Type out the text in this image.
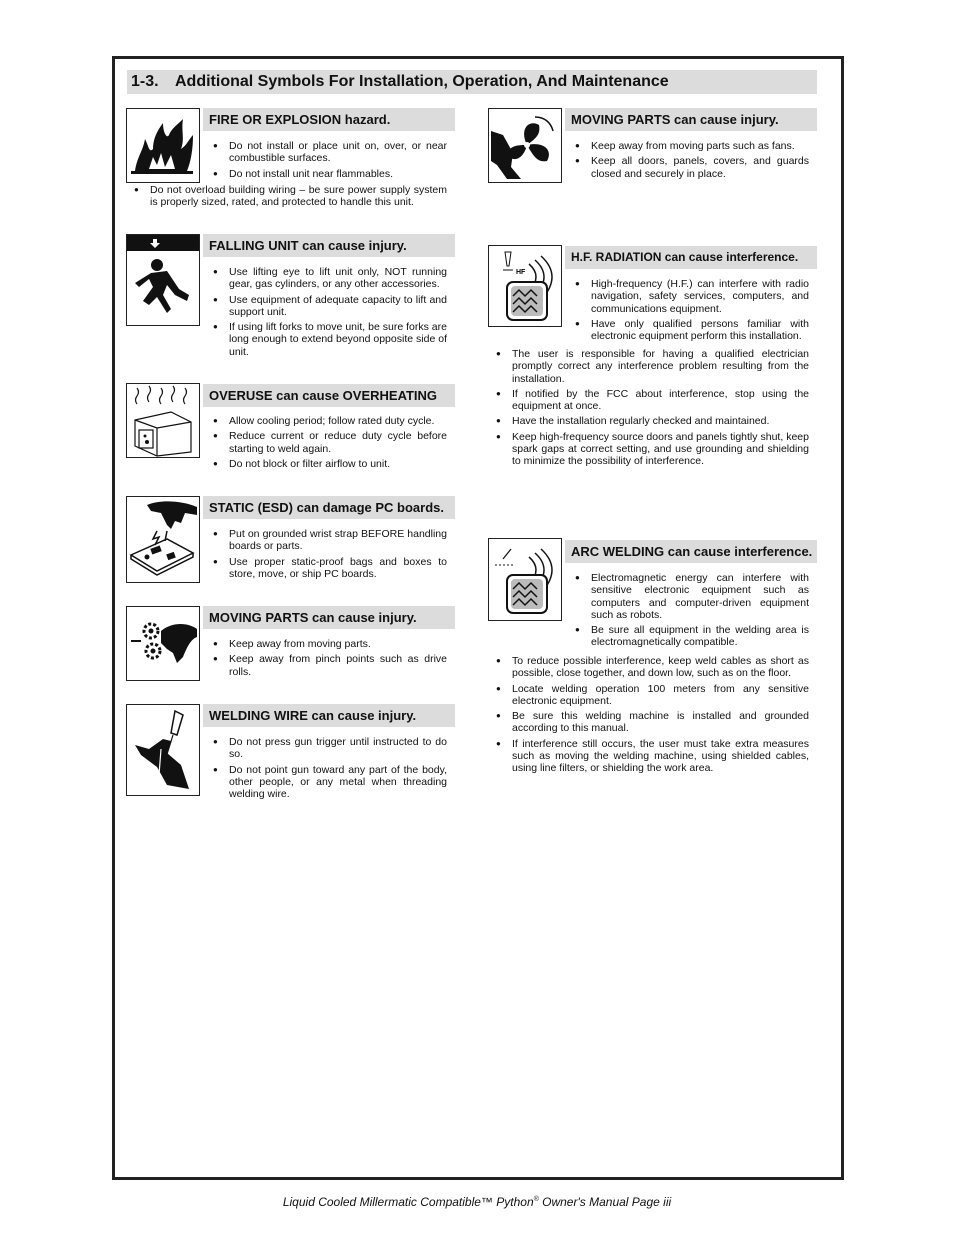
1-3. Additional Symbols For Installation, Operation, And Maintenance
FIRE OR EXPLOSION hazard.
● Do not install or place unit on, over, or near combustible surfaces.
● Do not install unit near flammables.
● Do not overload building wiring – be sure power supply system is properly sized, rated, and protected to handle this unit.
FALLING UNIT can cause injury.
● Use lifting eye to lift unit only, NOT running gear, gas cylinders, or any other accessories.
● Use equipment of adequate capacity to lift and support unit.
● If using lift forks to move unit, be sure forks are long enough to extend beyond opposite side of unit.
OVERUSE can cause OVERHEATING
● Allow cooling period; follow rated duty cycle.
● Reduce current or reduce duty cycle before starting to weld again.
● Do not block or filter airflow to unit.
STATIC (ESD) can damage PC boards.
● Put on grounded wrist strap BEFORE handling boards or parts.
● Use proper static-proof bags and boxes to store, move, or ship PC boards.
MOVING PARTS can cause injury.
● Keep away from moving parts.
● Keep away from pinch points such as drive rolls.
WELDING WIRE can cause injury.
● Do not press gun trigger until instructed to do so.
● Do not point gun toward any part of the body, other people, or any metal when threading welding wire.
MOVING PARTS can cause injury.
● Keep away from moving parts such as fans.
● Keep all doors, panels, covers, and guards closed and securely in place.
HF
H.F. RADIATION can cause interference.
● High-frequency (H.F.) can interfere with radio navigation, safety services, computers, and communications equipment.
● Have only qualified persons familiar with electronic equipment perform this installation.
● The user is responsible for having a qualified electrician promptly correct any interference problem resulting from the installation.
● If notified by the FCC about interference, stop using the equipment at once.
● Have the installation regularly checked and maintained.
● Keep high-frequency source doors and panels tightly shut, keep spark gaps at correct setting, and use grounding and shielding to minimize the possibility of interference.
ARC WELDING can cause interference.
● Electromagnetic energy can interfere with sensitive electronic equipment such as computers and computer-driven equipment such as robots.
● Be sure all equipment in the welding area is electromagnetically compatible.
● To reduce possible interference, keep weld cables as short as possible, close together, and down low, such as on the floor.
● Locate welding operation 100 meters from any sensitive electronic equipment.
● Be sure this welding machine is installed and grounded according to this manual.
● If interference still occurs, the user must take extra measures such as moving the welding machine, using shielded cables, using line filters, or shielding the work area.
Liquid Cooled Millermatic Compatible™ Python® Owner's Manual Page iii
